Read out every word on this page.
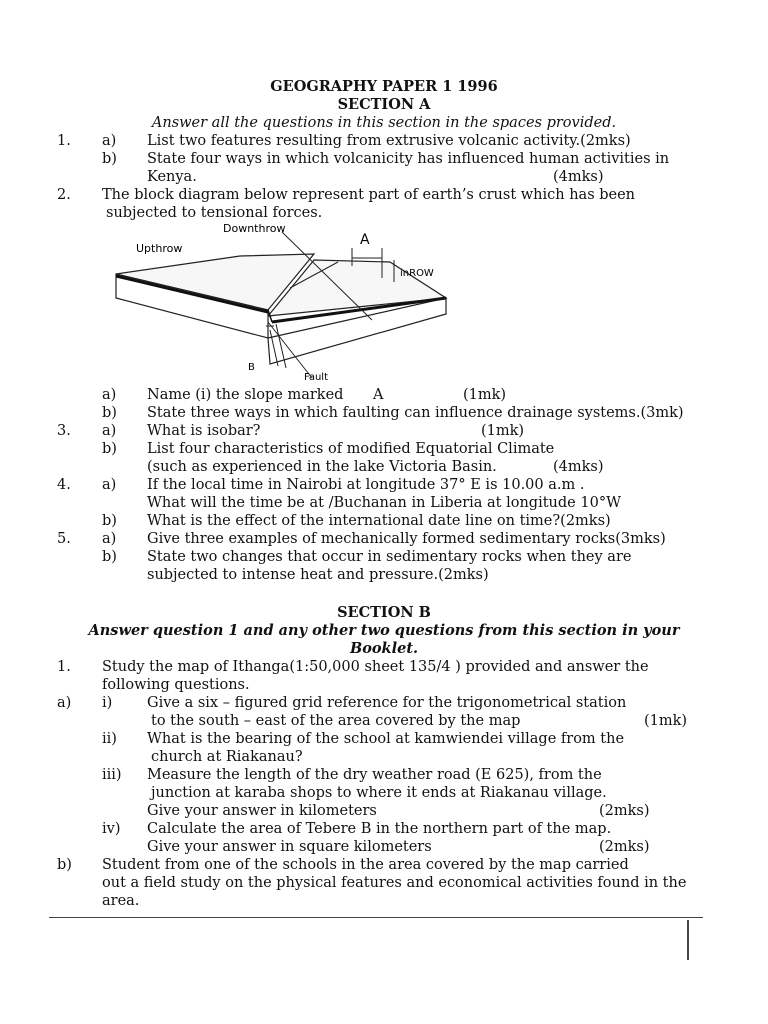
GEOGRAPHY PAPER 1 1996
SECTION A
Answer all the questions in this section in the spaces provided.
1. a) List two features resulting from extrusive volcanic activity.(2mks)
b) State four ways in which volcanicity has influenced human activities in
Kenya.	(4mks)
2. The block diagram below represent part of earth’s crust which has been
subjected to tensional forces.
Downthrow
Upthrow
A
inROW
B
Fault
a) Name (i) the slope marked A	(1mk)
b) State three ways in which faulting can influence drainage systems.(3mk)
3. a) What is isobar?	(1mk)
b) List four characteristics of modified Equatorial Climate
(such as experienced in the lake Victoria Basin.	(4mks)
4. a) If the local time in Nairobi at longitude 37° E is 10.00 a.m .
What will the time be at /Buchanan in Liberia at longitude 10°W
b) What is the effect of the international date line on time?(2mks)
5. a) Give three examples of mechanically formed sedimentary rocks(3mks)
b) State two changes that occur in sedimentary rocks when they are
subjected to intense heat and pressure.(2mks)
SECTION B
Answer question 1 and any other two questions from this section in your
Booklet.
1. Study the map of Ithanga(1:50,000 sheet 135/4 ) provided and answer the
following questions.
a) i) Give a six – figured grid reference for the trigonometrical station
to the south – east of the area covered by the map	(1mk)
ii) What is the bearing of the school at kamwiendei village from the
church at Riakanau?
iii) Measure the length of the dry weather road (E 625), from the
junction at karaba shops to where it ends at Riakanau village.
Give your answer in kilometers	(2mks)
iv) Calculate the area of Tebere B in the northern part of the map.
Give your answer in square kilometers	(2mks)
b) Student from one of the schools in the area covered by the map carried
out a field study on the physical features and economical activities found in the
area.
